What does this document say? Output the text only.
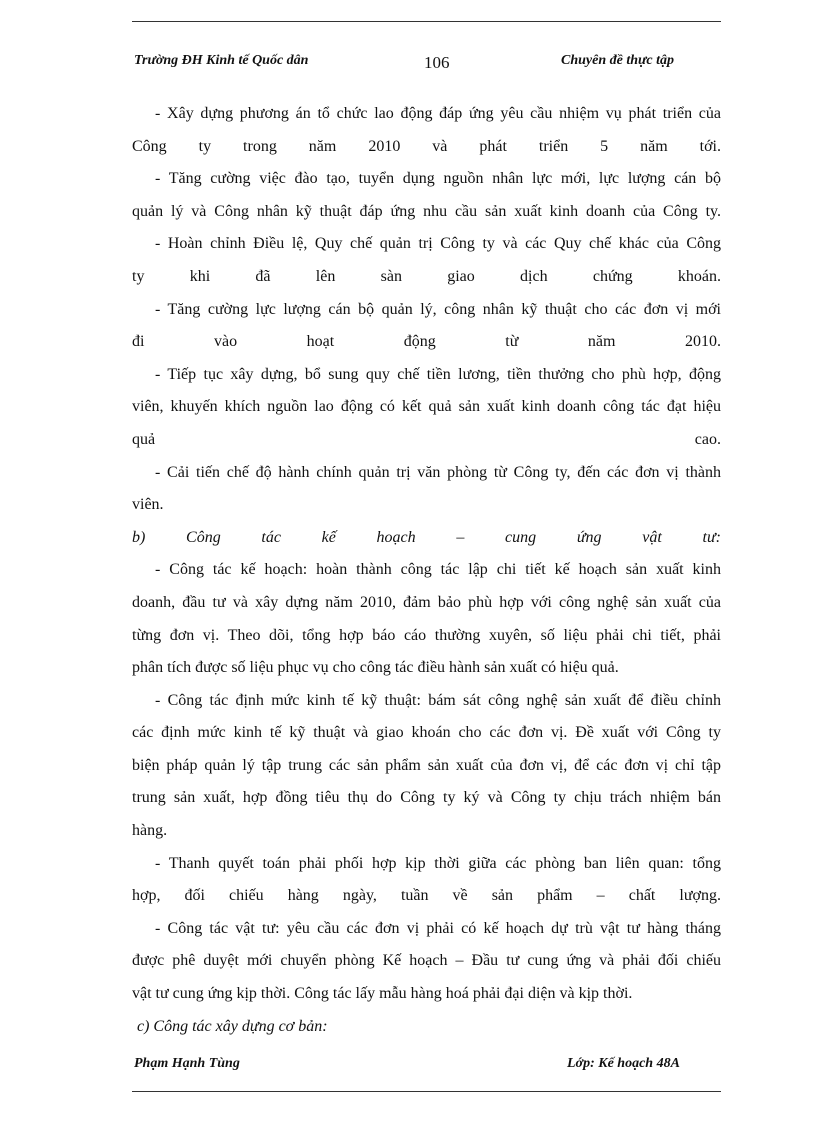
Trường ĐH Kinh tế Quốc dân	106	Chuyên đề thực tập

- Xây dựng phương án tổ chức lao động đáp ứng yêu cầu nhiệm vụ phát triển của

Công ty trong năm 2010 và phát triển 5 năm tới.

- Tăng cường việc đào tạo, tuyển dụng nguồn nhân lực mới, lực lượng cán bộ

quản lý và Công nhân kỹ thuật đáp ứng nhu cầu sản xuất kinh doanh của Công ty.

- Hoàn chỉnh Điều lệ, Quy chế quản trị Công ty và các Quy chế khác của Công

ty khi đã lên sàn giao dịch chứng khoán.

- Tăng cường lực lượng cán bộ quản lý, công nhân kỹ thuật cho các đơn vị mới

đi vào hoạt động từ năm 2010.

- Tiếp tục xây dựng, bổ sung quy chế tiền lương, tiền thưởng cho phù hợp, động

viên, khuyến khích nguồn lao động có kết quả sản xuất kinh doanh công tác đạt hiệu

quả cao.

- Cải tiến chế độ hành chính quản trị văn phòng từ Công ty, đến các đơn vị thành

viên.

b) Công tác kế hoạch – cung ứng vật tư:

- Công tác kế hoạch: hoàn thành công tác lập chi tiết kế hoạch sản xuất kinh

doanh, đầu tư và xây dựng năm 2010, đảm bảo phù hợp với công nghệ sản xuất của

từng đơn vị. Theo dõi, tổng hợp báo cáo thường xuyên, số liệu phải chi tiết, phải

phân tích được số liệu phục vụ cho công tác điều hành sản xuất có hiệu quả.

- Công tác định mức kinh tế kỹ thuật: bám sát công nghệ sản xuất để điều chỉnh

các định mức kinh tế kỹ thuật và giao khoán cho các đơn vị. Đề xuất với Công ty

biện pháp quản lý tập trung các sản phẩm sản xuất của đơn vị, để các đơn vị chỉ tập

trung sản xuất, hợp đồng tiêu thụ do Công ty ký và Công ty chịu trách nhiệm bán

hàng.

- Thanh quyết toán phải phối hợp kịp thời giữa các phòng ban liên quan: tổng

hợp, đối chiếu hàng ngày, tuần về sản phẩm – chất lượng.

- Công tác vật tư: yêu cầu các đơn vị phải có kế hoạch dự trù vật tư hàng tháng

được phê duyệt mới chuyển phòng Kế hoạch – Đầu tư cung ứng và phải đối chiếu

vật tư cung ứng kịp thời. Công tác lấy mẫu hàng hoá phải đại diện và kịp thời.

c) Công tác xây dựng cơ bản:

Phạm Hạnh Tùng	Lớp: Kế hoạch 48A
